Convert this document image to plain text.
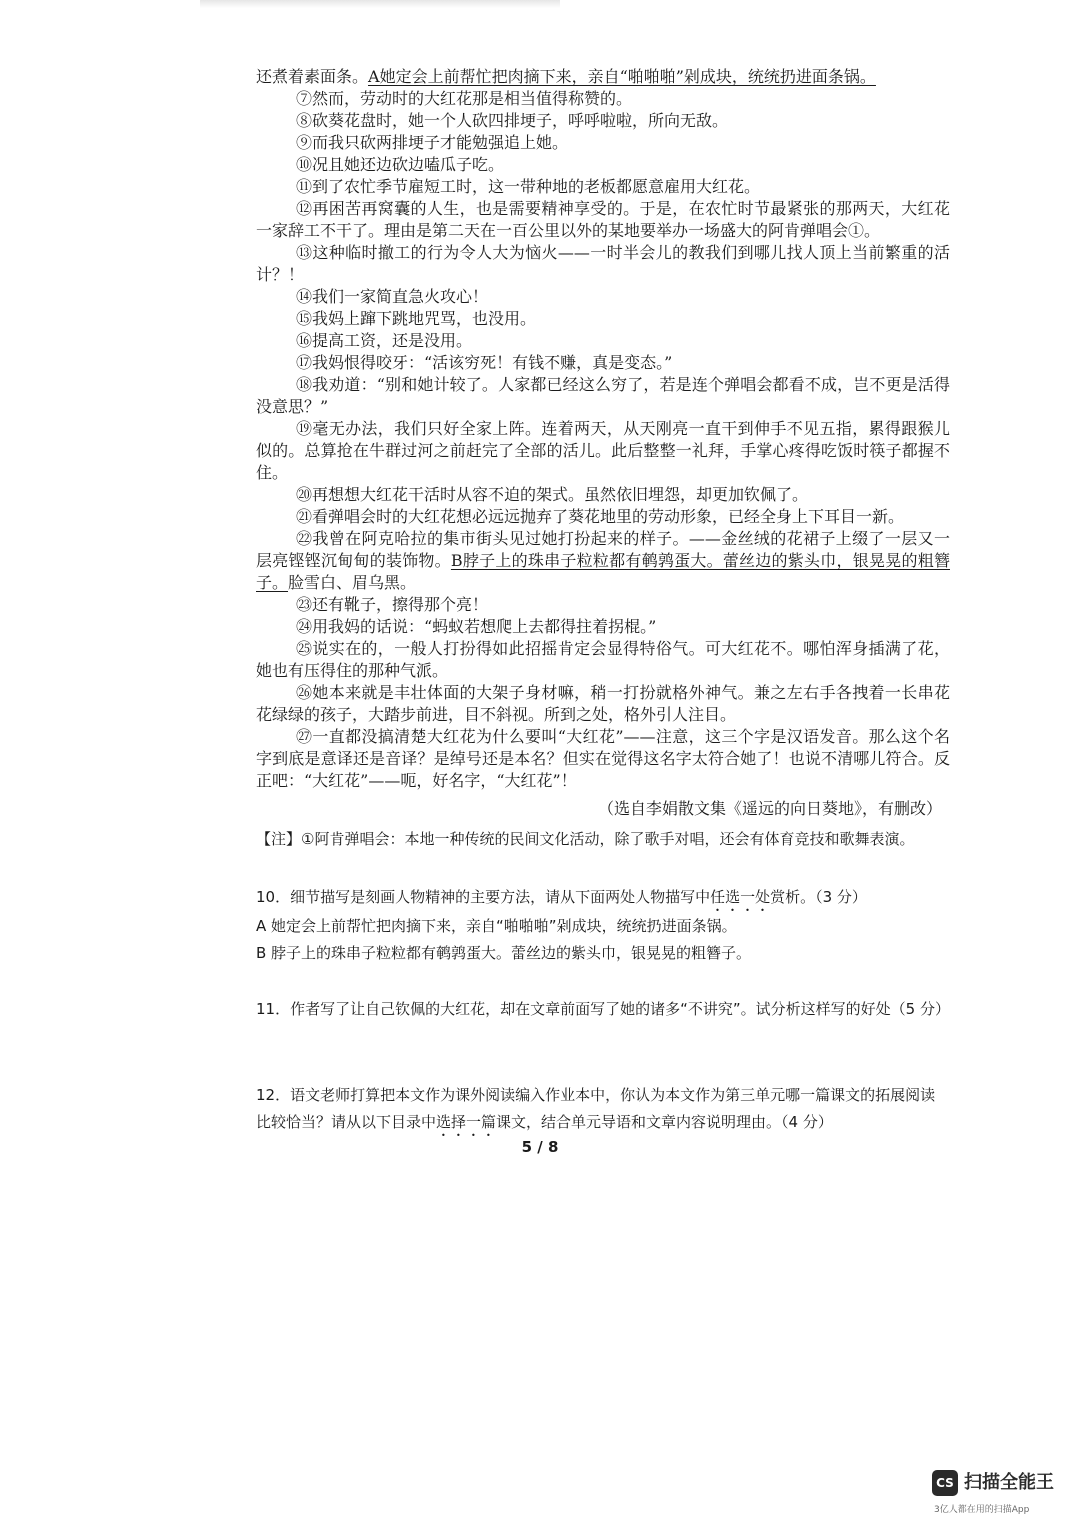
还煮着素面条。A她定会上前帮忙把肉摘下来，亲自“啪啪啪”剁成块，统统扔进面条锅。

⑦然而，劳动时的大红花那是相当值得称赞的。

⑧砍葵花盘时，她一个人砍四排埂子，呼呼啦啦，所向无敌。

⑨而我只砍两排埂子才能勉强追上她。

⑩况且她还边砍边嗑瓜子吃。

⑪到了农忙季节雇短工时，这一带种地的老板都愿意雇用大红花。

⑫再困苦再窝囊的人生，也是需要精神享受的。于是，在农忙时节最紧张的那两天，大红花一家辞工不干了。理由是第二天在一百公里以外的某地要举办一场盛大的阿肯弹唱会①。

⑬这种临时撤工的行为令人大为恼火——一时半会儿的教我们到哪儿找人顶上当前繁重的活计？！

⑭我们一家简直急火攻心！

⑮我妈上蹿下跳地咒骂，也没用。

⑯提高工资，还是没用。

⑰我妈恨得咬牙：“活该穷死！有钱不赚，真是变态。”

⑱我劝道：“别和她计较了。人家都已经这么穷了，若是连个弹唱会都看不成，岂不更是活得没意思？”

⑲毫无办法，我们只好全家上阵。连着两天，从天刚亮一直干到伸手不见五指，累得跟猴儿似的。总算抢在牛群过河之前赶完了全部的活儿。此后整整一礼拜，手掌心疼得吃饭时筷子都握不住。

⑳再想想大红花干活时从容不迫的架式。虽然依旧埋怨，却更加钦佩了。

㉑看弹唱会时的大红花想必远远抛弃了葵花地里的劳动形象，已经全身上下耳目一新。

㉒我曾在阿克哈拉的集市街头见过她打扮起来的样子。——金丝绒的花裙子上缀了一层又一层亮铿铿沉甸甸的装饰物。B脖子上的珠串子粒粒都有鹌鹑蛋大。蕾丝边的紫头巾，银晃晃的粗簪子。脸雪白、眉乌黑。

㉓还有靴子，擦得那个亮！

㉔用我妈的话说：“蚂蚁若想爬上去都得拄着拐棍。”

㉕说实在的，一般人打扮得如此招摇肯定会显得特俗气。可大红花不。哪怕浑身插满了花，她也有压得住的那种气派。

㉖她本来就是丰壮体面的大架子身材嘛，稍一打扮就格外神气。兼之左右手各拽着一长串花花绿绿的孩子，大踏步前进，目不斜视。所到之处，格外引人注目。

㉗一直都没搞清楚大红花为什么要叫“大红花”——注意，这三个字是汉语发音。那么这个名字到底是意译还是音译？是绰号还是本名？但实在觉得这名字太符合她了！也说不清哪儿符合。反正吧：“大红花”——呃，好名字，“大红花”！

（选自李娟散文集《遥远的向日葵地》，有删改）

【注】①阿肯弹唱会：本地一种传统的民间文化活动，除了歌手对唱，还会有体育竞技和歌舞表演。

10．细节描写是刻画人物精神的主要方法，请从下面两处人物描写中任选一处赏析。（3 分）

A 她定会上前帮忙把肉摘下来，亲自“啪啪啪”剁成块，统统扔进面条锅。

B 脖子上的珠串子粒粒都有鹌鹑蛋大。蕾丝边的紫头巾，银晃晃的粗簪子。

11．作者写了让自己钦佩的大红花，却在文章前面写了她的诸多“不讲究”。试分析这样写的好处（5 分）

12．语文老师打算把本文作为课外阅读编入作业本中，你认为本文作为第三单元哪一篇课文的拓展阅读比较恰当？请从以下目录中选择一篇课文，结合单元导语和文章内容说明理由。（4 分）

5 / 8
CS 扫描全能王
3亿人都在用的扫描App
